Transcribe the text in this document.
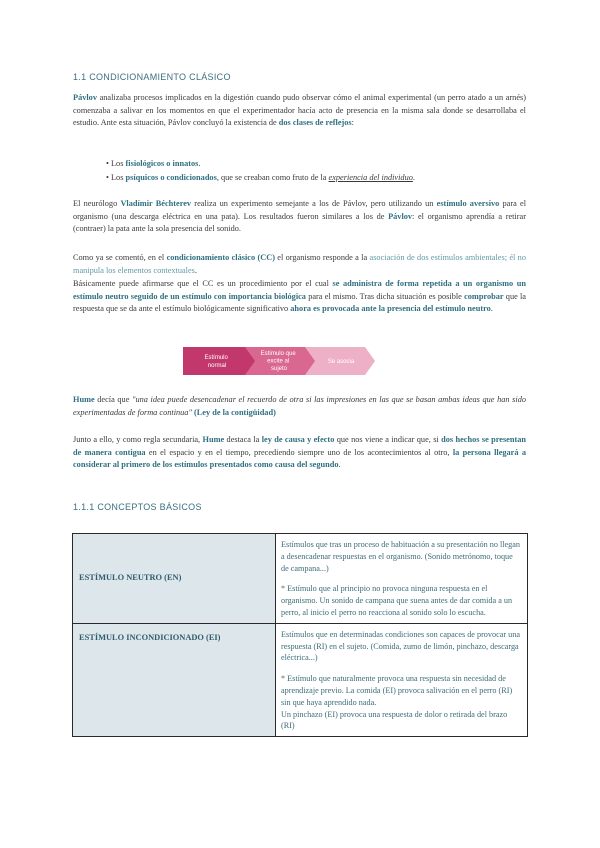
1.1 CONDICIONAMIENTO CLÁSICO

Pávlov analizaba procesos implicados en la digestión cuando pudo observar cómo el animal experimental (un perro atado a un arnés) comenzaba a salivar en los momentos en que el experimentador hacía acto de presencia en la misma sala donde se desarrollaba el estudio. Ante esta situación, Pávlov concluyó la existencia de dos clases de reflejos:

• Los fisiológicos o innatos.
• Los psíquicos o condicionados, que se creaban como fruto de la experiencia del individuo.

El neurólogo Vladímir Béchterev realiza un experimento semejante a los de Pávlov, pero utilizando un estímulo aversivo para el organismo (una descarga eléctrica en una pata). Los resultados fueron similares a los de Pávlov: el organismo aprendía a retirar (contraer) la pata ante la sola presencia del sonido.

Como ya se comentó, en el condicionamiento clásico (CC) el organismo responde a la asociación de dos estímulos ambientales; él no manipula los elementos contextuales.

Básicamente puede afirmarse que el CC es un procedimiento por el cual se administra de forma repetida a un organismo un estímulo neutro seguido de un estímulo con importancia biológica para el mismo. Tras dicha situación es posible comprobar que la respuesta que se da ante el estímulo biológicamente significativo ahora es provocada ante la presencia del estímulo neutro.

Estímulo normal
Estímulo que excite al sujeto
Se asocia

Hume decía que "una idea puede desencadenar el recuerdo de otra si las impresiones en las que se basan ambas ideas que han sido experimentadas de forma continua" (Ley de la contigüidad)

Junto a ello, y como regla secundaria, Hume destaca la ley de causa y efecto que nos viene a indicar que, si dos hechos se presentan de manera contigua en el espacio y en el tiempo, precediendo siempre uno de los acontecimientos al otro, la persona llegará a considerar al primero de los estímulos presentados como causa del segundo.

1.1.1 CONCEPTOS BÁSICOS
ESTÍMULO NEUTRO (EN)	Estímulos que tras un proceso de habituación a su presentación no llegan a desencadenar respuestas en el organismo. (Sonido metrónomo, toque de campana...)

* Estímulo que al principio no provoca ninguna respuesta en el organismo. Un sonido de campana que suena antes de dar comida a un perro, al inicio el perro no reacciona al sonido solo lo escucha.

ESTÍMULO INCONDICIONADO (EI)	Estímulos que en determinadas condiciones son capaces de provocar una respuesta (RI) en el sujeto. (Comida, zumo de limón, pinchazo, descarga eléctrica...)

* Estímulo que naturalmente provoca una respuesta sin necesidad de aprendizaje previo. La comida (EI) provoca salivación en el perro (RI) sin que haya aprendido nada.

Un pinchazo (EI) provoca una respuesta de dolor o retirada del brazo (RI)
